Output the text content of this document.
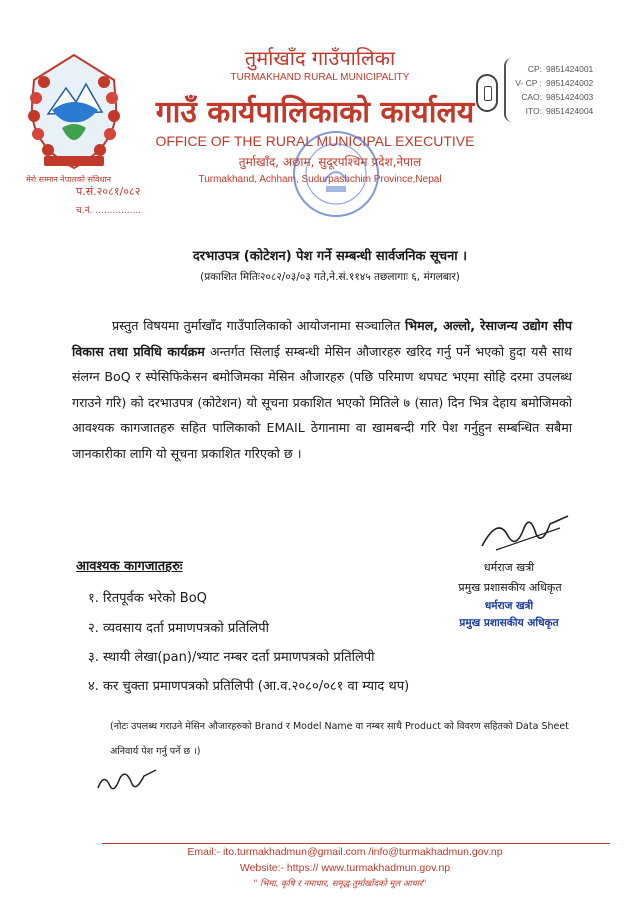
मेरो सम्मान नेपालको संविधान
तुर्माखाँद गाउँपालिका
TURMAKHAND RURAL MUNICIPALITY
गाउँ कार्यपालिकाको कार्यालय
OFFICE OF THE RURAL MUNICIPAL EXECUTIVE
तुर्माखाँद, अछाम, सुदूरपश्चिम प्रदेश,नेपाल
Turmakhand, Achham, Sudurpashchim Province,Nepal
प.सं.२०८१/०८२
च.नं. ................
CP: 9851424001
V- CP : 9851424002
CAO: 9851424003
ITO: 9851424004
दरभाउपत्र (कोटेशन) पेश गर्ने सम्बन्धी सार्वजनिक सूचना ।
(प्रकाशित मितिः२०८२/०३/०३ गते,ने.सं.११४५ तछलागाः ६, मंगलबार)
प्रस्तुत विषयमा तुर्माखाँद गाउँपालिकाको आयोजनामा सञ्चालित भिमल, अल्लो, रेसाजन्य उद्योग सीप विकास तथा प्रविधि कार्यक्रम अन्तर्गत सिलाई सम्बन्धी मेसिन औजारहरु खरिद गर्नु पर्ने भएको हुदा यसै साथ संलग्न BoQ र स्पेसिफिकेसन बमोजिमका मेसिन औजारहरु (पछि परिमाण थपघट भएमा सोहि दरमा उपलब्ध गराउने गरि) को दरभाउपत्र (कोटेशन) यो सूचना प्रकाशित भएको मितिले ७ (सात) दिन भित्र देहाय बमोजिमको आवश्यक कागजातहरु सहित पालिकाको EMAIL ठेगानामा वा खामबन्दी गरि पेश गर्नुहुन सम्बन्धित सबैमा जानकारीका लागि यो सूचना प्रकाशित गरिएको छ ।
धर्मराज खत्री
प्रमुख प्रशासकीय अधिकृत
धर्मराज खत्री
प्रमुख प्रशासकीय अधिकृत
आवश्यक कागजातहरुः
१. रितपूर्वक भरेको BoQ
२. व्यवसाय दर्ता प्रमाणपत्रको प्रतिलिपी
३. स्थायी लेखा(pan)/भ्याट नम्बर दर्ता प्रमाणपत्रको प्रतिलिपी
४. कर चुक्ता प्रमाणपत्रको प्रतिलिपी (आ.व.२०८०/०८१ वा म्याद थप)
(नोटः उपलब्ध गराउने मेसिन औजारहरुको Brand र Model Name वा नम्बर साथै Product को विवरण सहितको Data Sheet अनिवार्य पेश गर्नु पर्ने छ ।)
Email:- ito.turmakhadmun@gmail.com /info@turmakhadmun.gov.np
Website:- https:// www.turmakhadmun.gov.np
" भिमा, कृषि र नमाधार, समृद्ध तुर्माखाँदको मूल आधार"
